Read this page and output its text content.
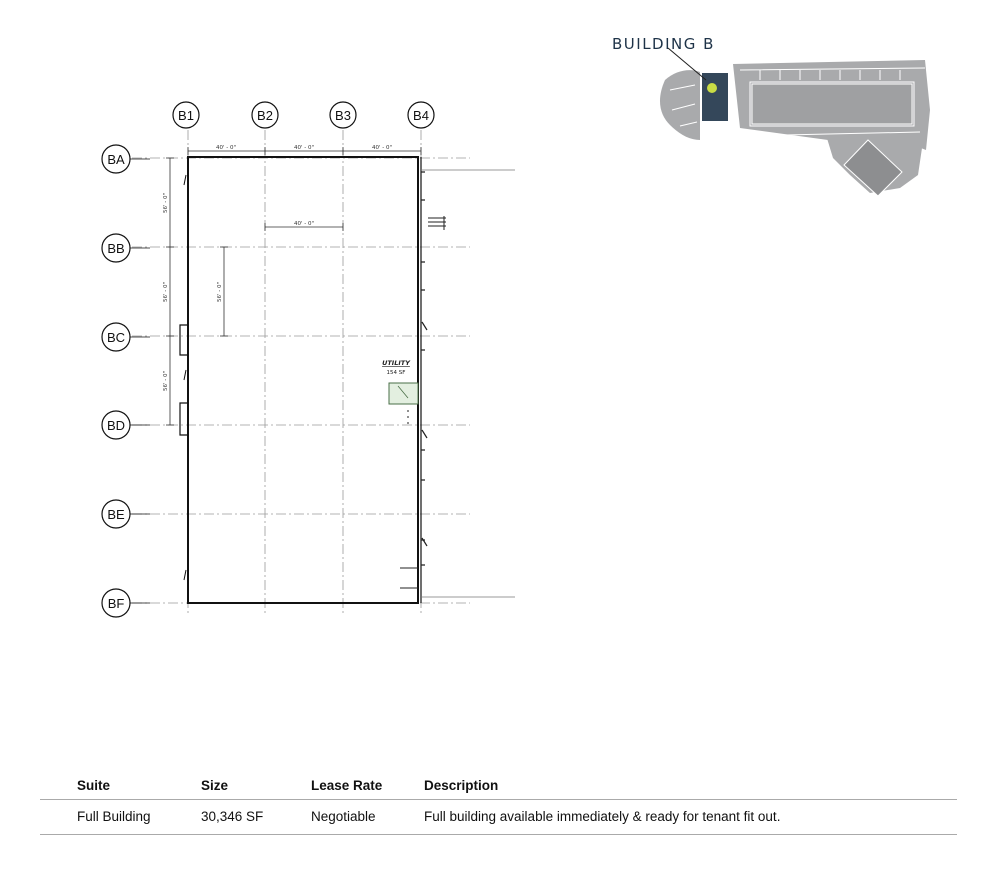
40' - 0"	40' - 0"	40' - 0"
40' - 0"
56' - 0"
56' - 0"
56' - 0"
56' - 0"
B1	B2	B3	B4
BA
BB
BC
BD
BE
BF
UTILITY
154 SF
BUILDING B
Suite	Size	Lease Rate	Description
Full Building	30,346 SF	Negotiable	Full building available immediately & ready for tenant fit out.
